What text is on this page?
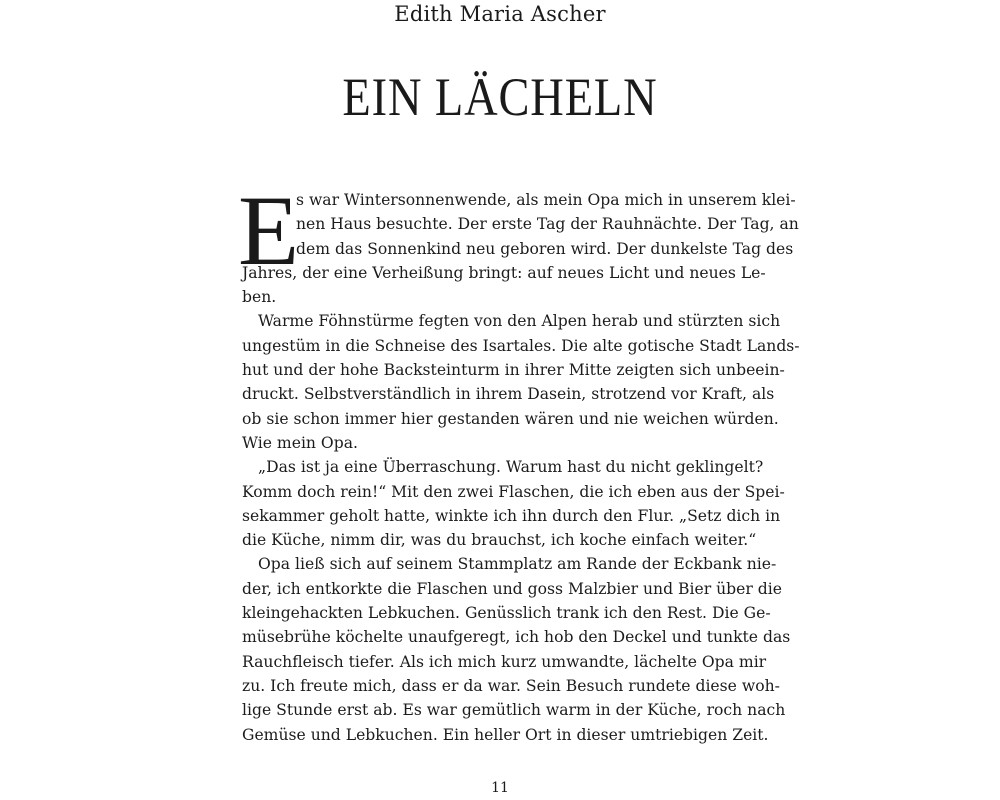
Edith Maria Ascher
EIN LÄCHELN
E
s war Wintersonnenwende, als mein Opa mich in unserem klei-
nen Haus besuchte. Der erste Tag der Rauhnächte. Der Tag, an
dem das Sonnenkind neu geboren wird. Der dunkelste Tag des
Jahres, der eine Verheißung bringt: auf neues Licht und neues Le-
ben.
Warme Föhnstürme fegten von den Alpen herab und stürzten sich
ungestüm in die Schneise des Isartales. Die alte gotische Stadt Lands-
hut und der hohe Backsteinturm in ihrer Mitte zeigten sich unbeein-
druckt. Selbstverständlich in ihrem Dasein, strotzend vor Kraft, als
ob sie schon immer hier gestanden wären und nie weichen würden.
Wie mein Opa.
„Das ist ja eine Überraschung. Warum hast du nicht geklingelt?
Komm doch rein!“ Mit den zwei Flaschen, die ich eben aus der Spei-
sekammer geholt hatte, winkte ich ihn durch den Flur. „Setz dich in
die Küche, nimm dir, was du brauchst, ich koche einfach weiter.“
Opa ließ sich auf seinem Stammplatz am Rande der Eckbank nie-
der, ich entkorkte die Flaschen und goss Malzbier und Bier über die
kleingehackten Lebkuchen. Genüsslich trank ich den Rest. Die Ge-
müsebrühe köchelte unaufgeregt, ich hob den Deckel und tunkte das
Rauchfleisch tiefer. Als ich mich kurz umwandte, lächelte Opa mir
zu. Ich freute mich, dass er da war. Sein Besuch rundete diese woh-
lige Stunde erst ab. Es war gemütlich warm in der Küche, roch nach
Gemüse und Lebkuchen. Ein heller Ort in dieser umtriebigen Zeit.
11
